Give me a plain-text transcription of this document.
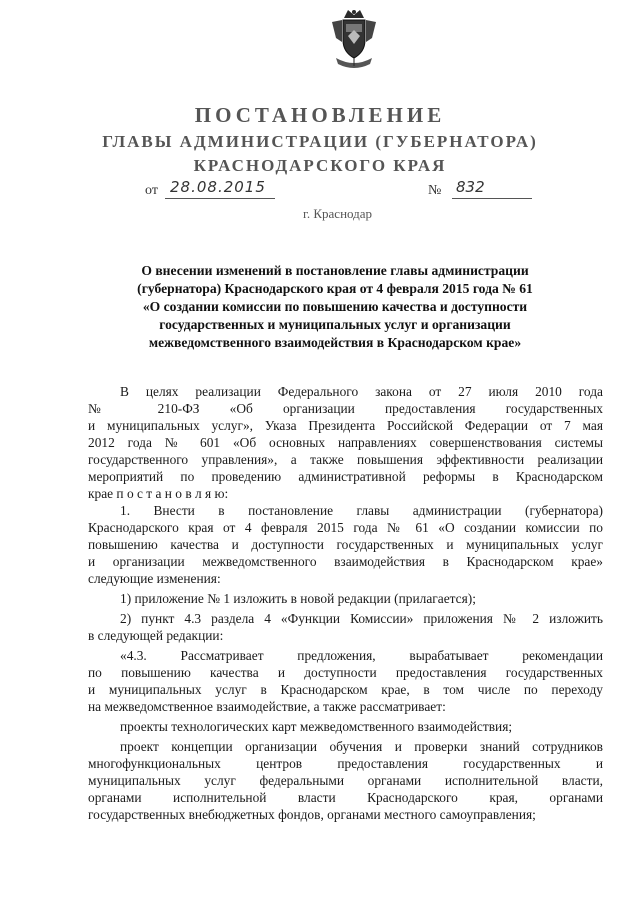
ПОСТАНОВЛЕНИЕ
ГЛАВЫ АДМИНИСТРАЦИИ (ГУБЕРНАТОРА)
КРАСНОДАРСКОГО КРАЯ
от 28.08.2015	№ 832
г. Краснодар
О внесении изменений в постановление главы администрации
(губернатора) Краснодарского края от 4 февраля 2015 года № 61
«О создании комиссии по повышению качества и доступности
государственных и муниципальных услуг и организации
межведомственного взаимодействия в Краснодарском крае»
В целях реализации Федерального закона от 27 июля 2010 года
№ 210-ФЗ «Об организации предоставления государственных
и муниципальных услуг», Указа Президента Российской Федерации от 7 мая
2012 года № 601 «Об основных направлениях совершенствования системы
государственного управления», а также повышения эффективности реализации
мероприятий по проведению административной реформы в Краснодарском
крае п о с т а н о в л я ю:
1. Внести в постановление главы администрации (губернатора)
Краснодарского края от 4 февраля 2015 года № 61 «О создании комиссии по
повышению качества и доступности государственных и муниципальных услуг
и организации межведомственного взаимодействия в Краснодарском крае»
следующие изменения:
1) приложение № 1 изложить в новой редакции (прилагается);
2) пункт 4.3 раздела 4 «Функции Комиссии» приложения № 2 изложить
в следующей редакции:
«4.3. Рассматривает предложения, вырабатывает рекомендации
по повышению качества и доступности предоставления государственных
и муниципальных услуг в Краснодарском крае, в том числе по переходу
на межведомственное взаимодействие, а также рассматривает:
проекты технологических карт межведомственного взаимодействия;
проект концепции организации обучения и проверки знаний сотрудников
многофункциональных центров предоставления государственных и
муниципальных услуг федеральными органами исполнительной власти,
органами исполнительной власти Краснодарского края, органами
государственных внебюджетных фондов, органами местного самоуправления;
